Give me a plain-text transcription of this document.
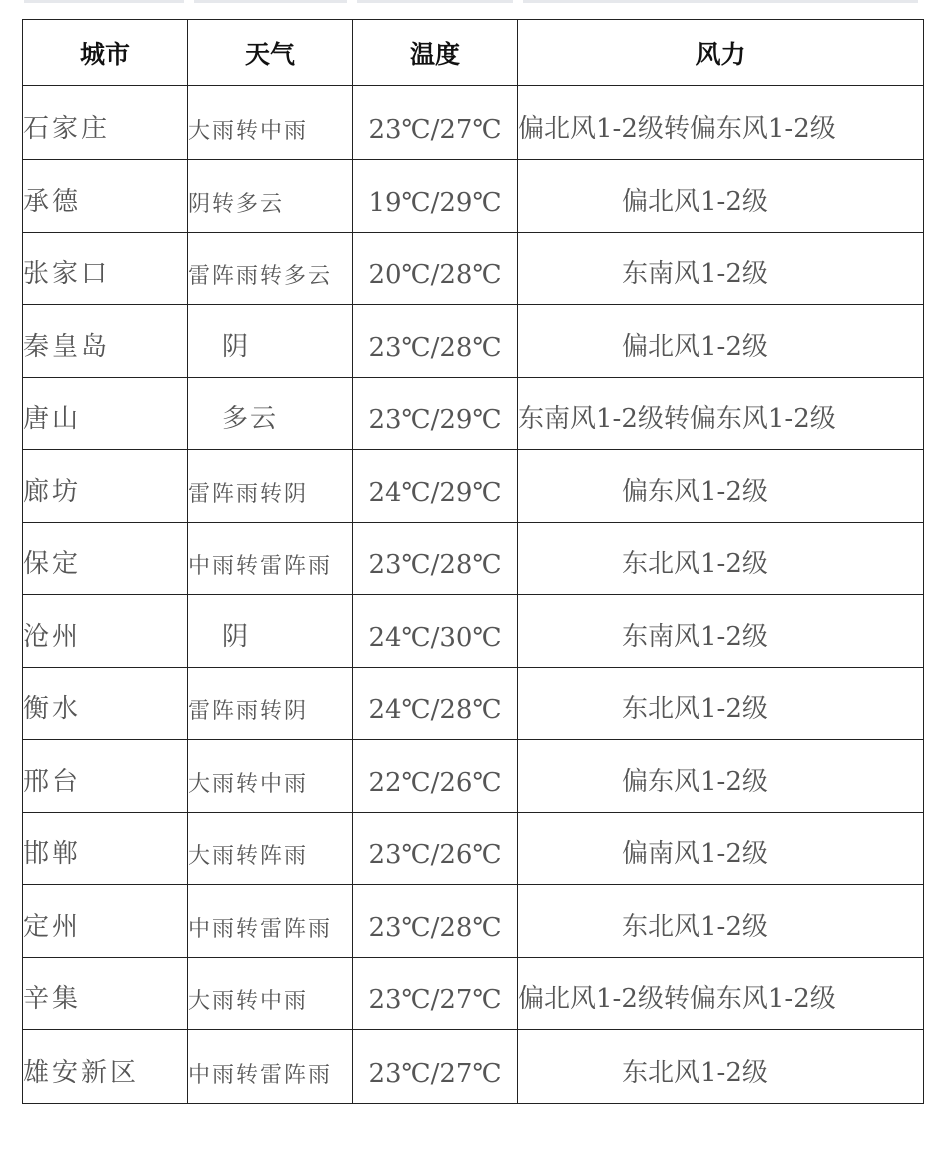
城市	天气	温度	风力
石家庄	大雨转中雨	23℃/27℃	偏北风1-2级转偏东风1-2级
承德	阴转多云	19℃/29℃	偏北风1-2级
张家口	雷阵雨转多云	20℃/28℃	东南风1-2级
秦皇岛	阴	23℃/28℃	偏北风1-2级
唐山	多云	23℃/29℃	东南风1-2级转偏东风1-2级
廊坊	雷阵雨转阴	24℃/29℃	偏东风1-2级
保定	中雨转雷阵雨	23℃/28℃	东北风1-2级
沧州	阴	24℃/30℃	东南风1-2级
衡水	雷阵雨转阴	24℃/28℃	东北风1-2级
邢台	大雨转中雨	22℃/26℃	偏东风1-2级
邯郸	大雨转阵雨	23℃/26℃	偏南风1-2级
定州	中雨转雷阵雨	23℃/28℃	东北风1-2级
辛集	大雨转中雨	23℃/27℃	偏北风1-2级转偏东风1-2级
雄安新区	中雨转雷阵雨	23℃/27℃	东北风1-2级
